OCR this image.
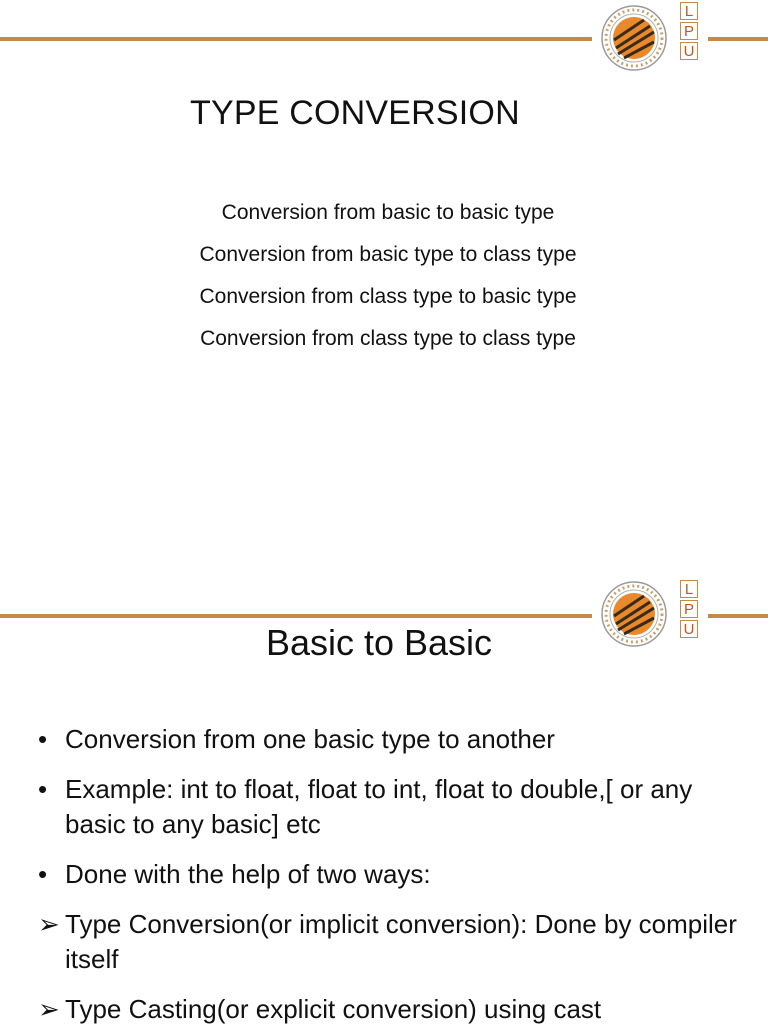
L
P
U
TYPE CONVERSION
Conversion from basic to basic type
Conversion from basic type to class type
Conversion from class type to basic type
Conversion from class type to class type
L
P
U
Basic to Basic
• Conversion from one basic type to another
• Example: int to float, float to int, float to double,[ or any basic to any basic] etc
• Done with the help of two ways:
➢ Type Conversion(or implicit conversion): Done by compiler itself
➢ Type Casting(or explicit conversion) using cast
